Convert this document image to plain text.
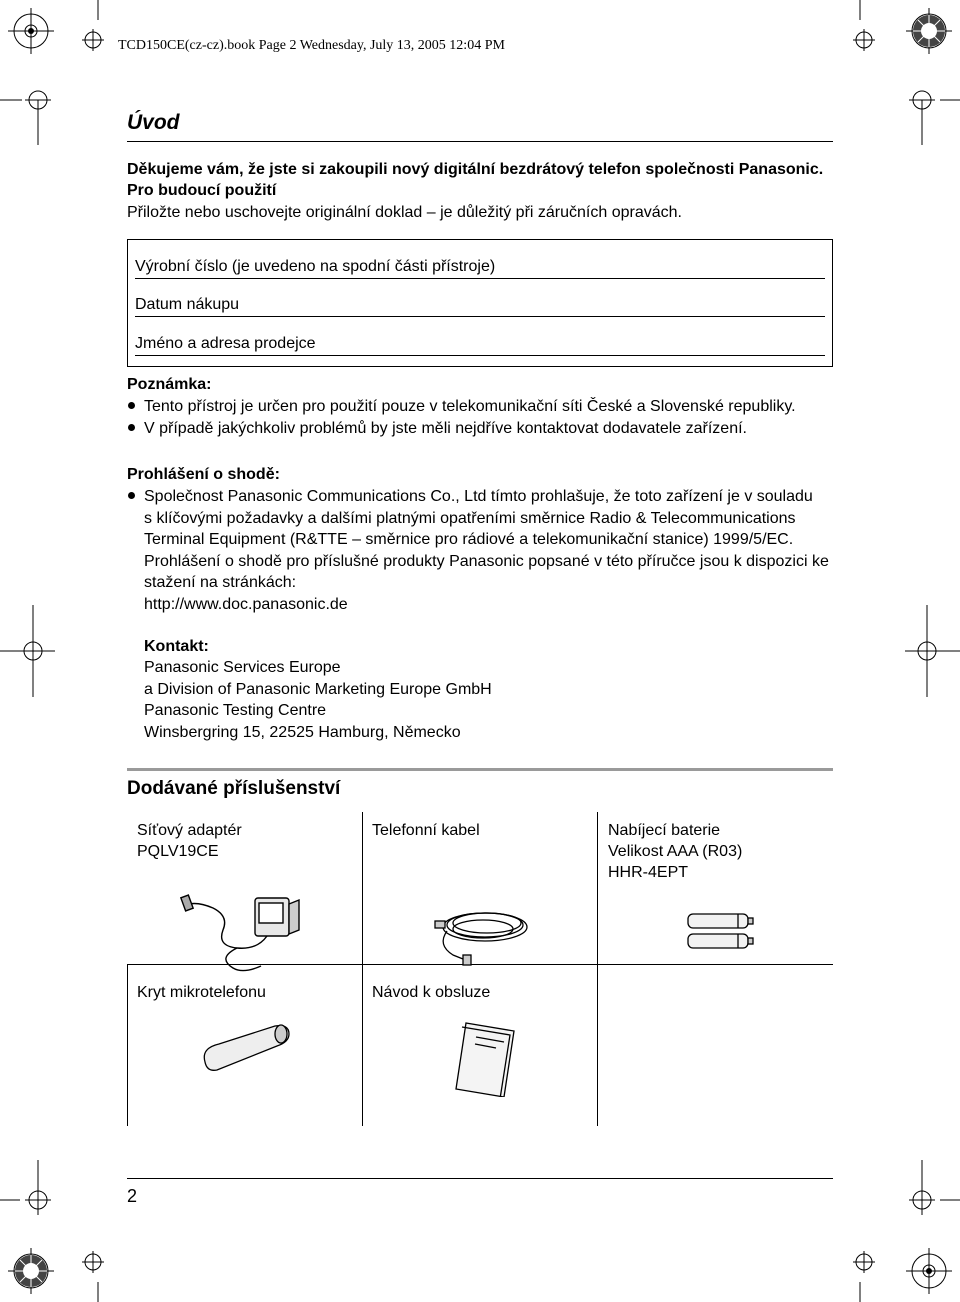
TCD150CE(cz-cz).book Page 2 Wednesday, July 13, 2005 12:04 PM
Úvod
Děkujeme vám, že jste si zakoupili nový digitální bezdrátový telefon společnosti Panasonic.
Pro budoucí použití
Přiložte nebo uschovejte originální doklad – je důležitý při záručních opravách.
Výrobní číslo (je uvedeno na spodní části přístroje)
Datum nákupu
Jméno a adresa prodejce
Poznámka:
Tento přístroj je určen pro použití pouze v telekomunikační síti České a Slovenské republiky.
V případě jakýchkoliv problémů by jste měli nejdříve kontaktovat dodavatele zařízení.
Prohlášení o shodě:
Společnost Panasonic Communications Co., Ltd tímto prohlašuje, že toto zařízení je v souladu
s klíčovými požadavky a dalšími platnými opatřeními směrnice Radio & Telecommunications
Terminal Equipment (R&TTE – směrnice pro rádiové a telekomunikační stanice) 1999/5/EC.
Prohlášení o shodě pro příslušné produkty Panasonic popsané v této příručce jsou k dispozici ke
stažení na stránkách:
http://www.doc.panasonic.de
Kontakt:
Panasonic Services Europe
a Division of Panasonic Marketing Europe GmbH
Panasonic Testing Centre
Winsbergring 15, 22525 Hamburg, Německo
Dodávané příslušenství
Síťový adaptér
PQLV19CE
Telefonní kabel	Nabíjecí baterie
Velikost AAA (R03)
HHR-4EPT
Kryt mikrotelefonu	Návod k obsluze
2
